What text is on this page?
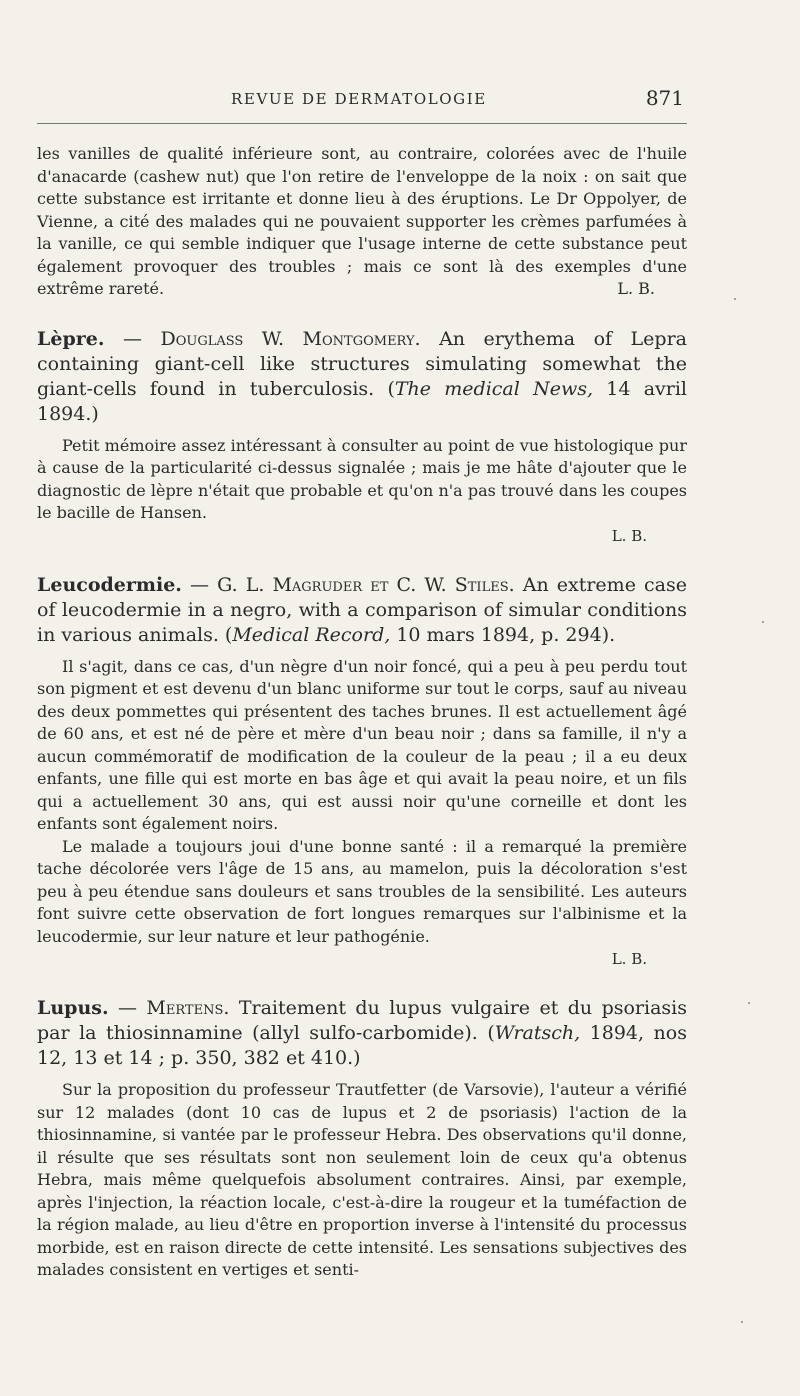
REVUE DE DERMATOLOGIE	871

les vanilles de qualité inférieure sont, au contraire, colorées avec de l'huile d'anacarde (cashew nut) que l'on retire de l'enveloppe de la noix : on sait que cette substance est irritante et donne lieu à des éruptions. Le Dr Oppolyer, de Vienne, a cité des malades qui ne pouvaient supporter les crèmes parfumées à la vanille, ce qui semble indiquer que l'usage interne de cette substance peut également provoquer des troubles ; mais ce sont là des exemples d'une extrême rareté.	L. B.

Lèpre. — Douglass W. Montgomery. An erythema of Lepra containing giant-cell like structures simulating somewhat the giant-cells found in tuberculosis. (The medical News, 14 avril 1894.)

Petit mémoire assez intéressant à consulter au point de vue histologique pur à cause de la particularité ci-dessus signalée ; mais je me hâte d'ajouter que le diagnostic de lèpre n'était que probable et qu'on n'a pas trouvé dans les coupes le bacille de Hansen.

L. B.

Leucodermie. — G. L. Magruder et C. W. Stiles. An extreme case of leucodermie in a negro, with a comparison of simular conditions in various animals. (Medical Record, 10 mars 1894, p. 294).

Il s'agit, dans ce cas, d'un nègre d'un noir foncé, qui a peu à peu perdu tout son pigment et est devenu d'un blanc uniforme sur tout le corps, sauf au niveau des deux pommettes qui présentent des taches brunes. Il est actuellement âgé de 60 ans, et est né de père et mère d'un beau noir ; dans sa famille, il n'y a aucun commémoratif de modification de la couleur de la peau ; il a eu deux enfants, une fille qui est morte en bas âge et qui avait la peau noire, et un fils qui a actuellement 30 ans, qui est aussi noir qu'une corneille et dont les enfants sont également noirs.

Le malade a toujours joui d'une bonne santé : il a remarqué la première tache décolorée vers l'âge de 15 ans, au mamelon, puis la décoloration s'est peu à peu étendue sans douleurs et sans troubles de la sensibilité. Les auteurs font suivre cette observation de fort longues remarques sur l'albinisme et la leucodermie, sur leur nature et leur pathogénie.

L. B.

Lupus. — Mertens. Traitement du lupus vulgaire et du psoriasis par la thiosinnamine (allyl sulfo-carbomide). (Wratsch, 1894, nos 12, 13 et 14 ; p. 350, 382 et 410.)

Sur la proposition du professeur Trautfetter (de Varsovie), l'auteur a vérifié sur 12 malades (dont 10 cas de lupus et 2 de psoriasis) l'action de la thiosinnamine, si vantée par le professeur Hebra. Des observations qu'il donne, il résulte que ses résultats sont non seulement loin de ceux qu'a obtenus Hebra, mais même quelquefois absolument contraires. Ainsi, par exemple, après l'injection, la réaction locale, c'est-à-dire la rougeur et la tuméfaction de la région malade, au lieu d'être en proportion inverse à l'intensité du processus morbide, est en raison directe de cette intensité. Les sensations subjectives des malades consistent en vertiges et senti-
